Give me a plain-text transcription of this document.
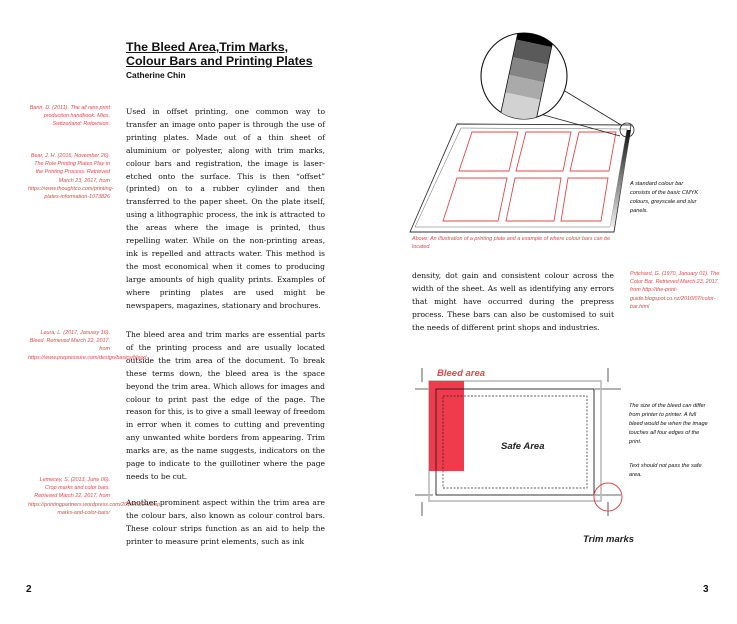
The Bleed Area,Trim Marks, Colour Bars and Printing Plates
Catherine Chin
Bann, D. (2011). The all new print production handbook. Mies, Switzerland: Rotovision.
Bear, J. H. (2016, November 26). The Role Printing Plates Play in the Printing Process. Retrieved March 23, 2017, from https://www.thoughtco.com/printing-plates-information-1073826
Leura, L. (2017, January 16). Bleed. Retrieved March 22, 2017, from https://www.prepressure.com/design/basics/bleed
Lemecey, S. (2013, June 06). Crop marks and color bars. Retrieved March 22, 2017, from https://printingpartners.wordpress.com/2013/03/24/crop-marks-and-color-bars/
Used in offset printing, one common way to transfer an image onto paper is through the use of printing plates. Made out of a thin sheet of aluminium or polyester, along with trim marks, colour bars and registration, the image is laser-etched onto the surface. This is then “offset” (printed) on to a rubber cylinder and then transferred to the paper sheet. On the plate itself, using a lithographic process, the ink is attracted to the areas where the image is printed, thus repelling water. While on the non-printing areas, ink is repelled and attracts water. This method is the most economical when it comes to producing large amounts of high quality prints. Examples of where printing plates are used might be newspapers, magazines, stationary and brochures.
The bleed area and trim marks are essential parts of the printing process and are usually located outside the trim area of the document. To break these terms down, the bleed area is the space beyond the trim area. Which allows for images and colour to print past the edge of the page. The reason for this, is to give a small leeway of freedom in error when it comes to cutting and preventing any unwanted white borders from appearing. Trim marks are, as the name suggests, indicators on the page to indicate to the guillotiner where the page needs to be cut.
Another prominent aspect within the trim area are the colour bars, also known as colour control bars. These colour strips function as an aid to help the printer to measure print elements, such as ink
2
Above: An illustration of a printing plate and a example of where colour bars can be located.
A standard colour bar consists of the basic CMYK colours, greyscale and slur panels.
density, dot gain and consistent colour across the width of the sheet. As well as identifying any errors that might have occurred during the prepress process. These bars can also be customised to suit the needs of different print shops and industries.
Pritchard, G. (1970, January 01). The Color Bar. Retrieved March 23, 2017, from http://the-print-guide.blogspot.co.nz/2010/07/color-bar.html
Bleed area
Safe Area
Trim marks
The size of the bleed can differ from printer to printer. A full bleed would be when the image touches all four edges of the print.
Text should not pass the safe area.
3
